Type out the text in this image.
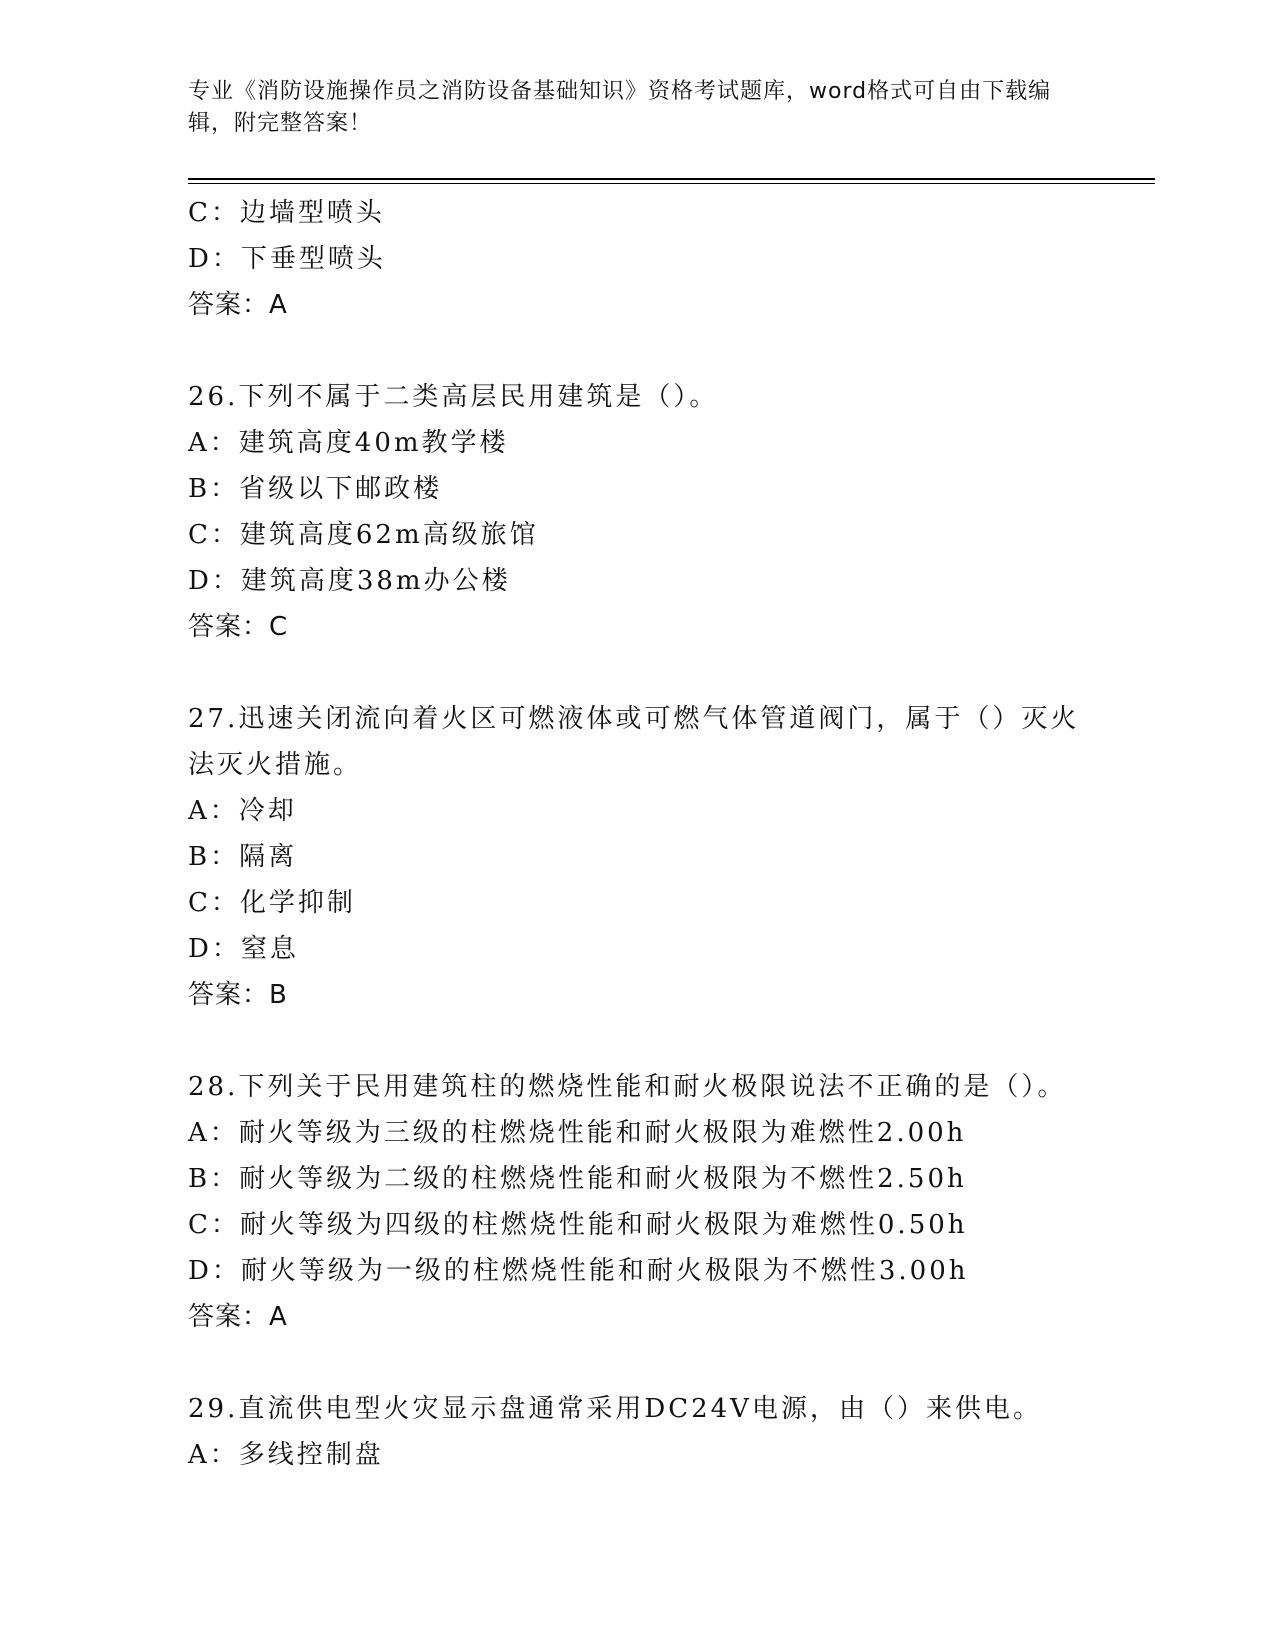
专业《消防设施操作员之消防设备基础知识》资格考试题库，word格式可自由下载编辑，附完整答案！
C：边墙型喷头
D：下垂型喷头
答案：A
26.下列不属于二类高层民用建筑是（）。
A：建筑高度40m教学楼
B：省级以下邮政楼
C：建筑高度62m高级旅馆
D：建筑高度38m办公楼
答案：C
27.迅速关闭流向着火区可燃液体或可燃气体管道阀门，属于（）灭火法灭火措施。
A：冷却
B：隔离
C：化学抑制
D：窒息
答案：B
28.下列关于民用建筑柱的燃烧性能和耐火极限说法不正确的是（）。
A：耐火等级为三级的柱燃烧性能和耐火极限为难燃性2.00h
B：耐火等级为二级的柱燃烧性能和耐火极限为不燃性2.50h
C：耐火等级为四级的柱燃烧性能和耐火极限为难燃性0.50h
D：耐火等级为一级的柱燃烧性能和耐火极限为不燃性3.00h
答案：A
29.直流供电型火灾显示盘通常采用DC24V电源，由（）来供电。
A：多线控制盘
